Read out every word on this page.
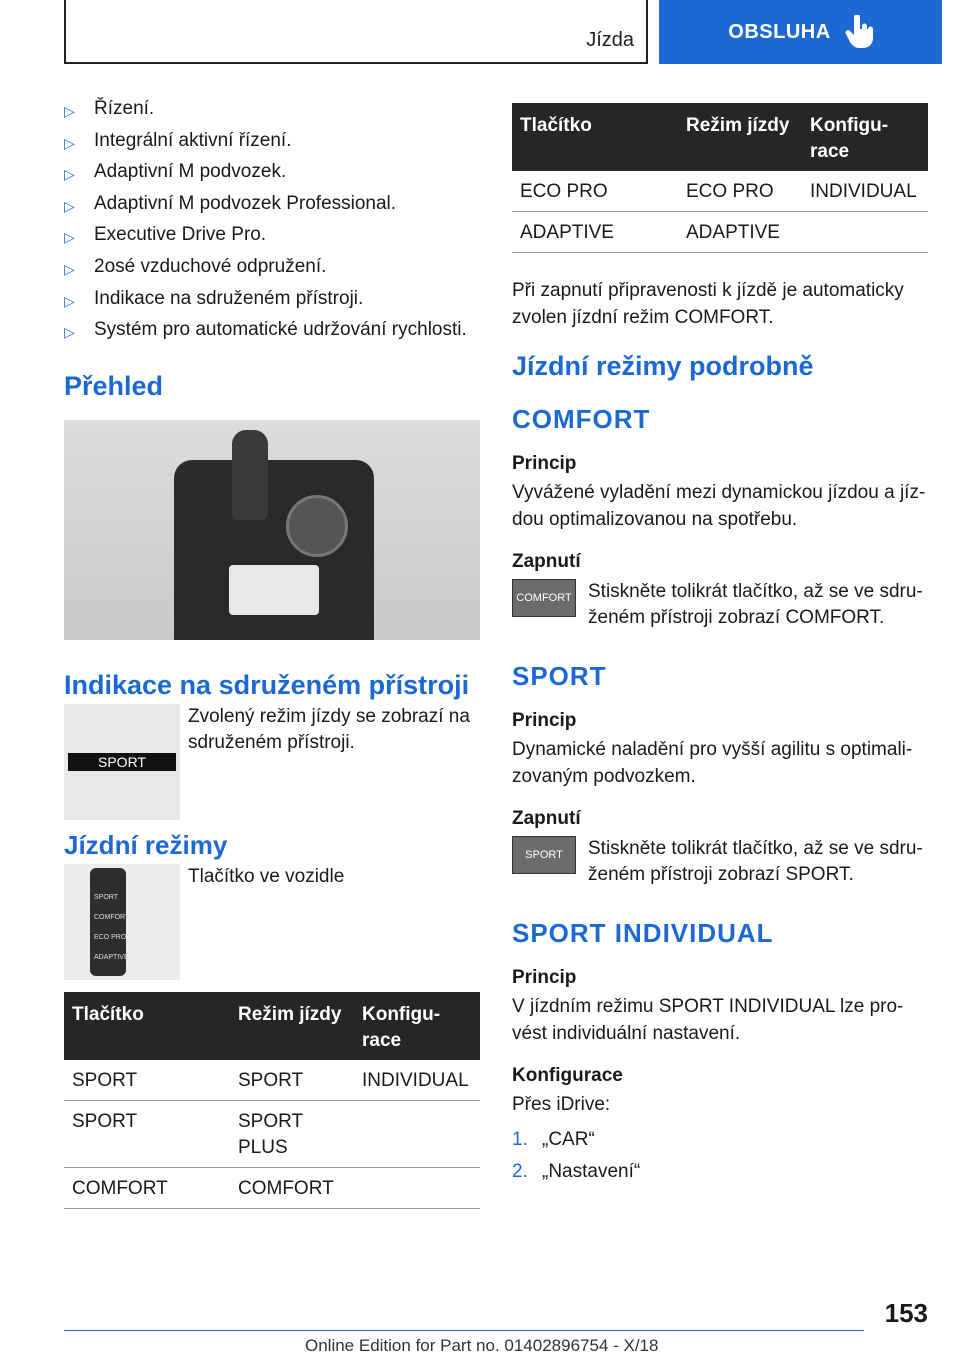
Jízda	OBSLUHA
▷	Řízení.
▷	Integrální aktivní řízení.
▷	Adaptivní M podvozek.
▷	Adaptivní M podvozek Professional.
▷	Executive Drive Pro.
▷	2osé vzduchové odpružení.
▷	Indikace na sdruženém přístroji.
▷	Systém pro automatické udržování rychlosti.
Přehled
Indikace na sdruženém přístroji
SPORT
Zvolený režim jízdy se zobrazí na sdruženém přístroji.
Jízdní režimy
SPORT
COMFORT
ECO PRO
ADAPTIVE
Tlačítko ve vozidle
Tlačítko	Režim jízdy	Konfigu-race
SPORT	SPORT	INDIVIDUAL
SPORT	SPORT PLUS	
COMFORT	COMFORT	
Tlačítko	Režim jízdy	Konfigu-race
ECO PRO	ECO PRO	INDIVIDUAL
ADAPTIVE	ADAPTIVE	

Při zapnutí připravenosti k jízdě je automaticky zvolen jízdní režim COMFORT.

Jízdní režimy podrobně
COMFORT

Princip

Vyvážené vyladění mezi dynamickou jízdou a jíz-dou optimalizovanou na spotřebu.

Zapnutí

COMFORT Stiskněte tolikrát tlačítko, až se ve sdru-ženém přístroji zobrazí COMFORT.
SPORT

Princip

Dynamické naladění pro vyšší agilitu s optimali-zovaným podvozkem.

Zapnutí

SPORT	Stiskněte tolikrát tlačítko, až se ve sdru-ženém přístroji zobrazí SPORT.
SPORT INDIVIDUAL

Princip

V jízdním režimu SPORT INDIVIDUAL lze pro-vést individuální nastavení.

Konfigurace

Přes iDrive:

1. „CAR“
2. „Nastavení“
153
Online Edition for Part no. 01402896754 - X/18
